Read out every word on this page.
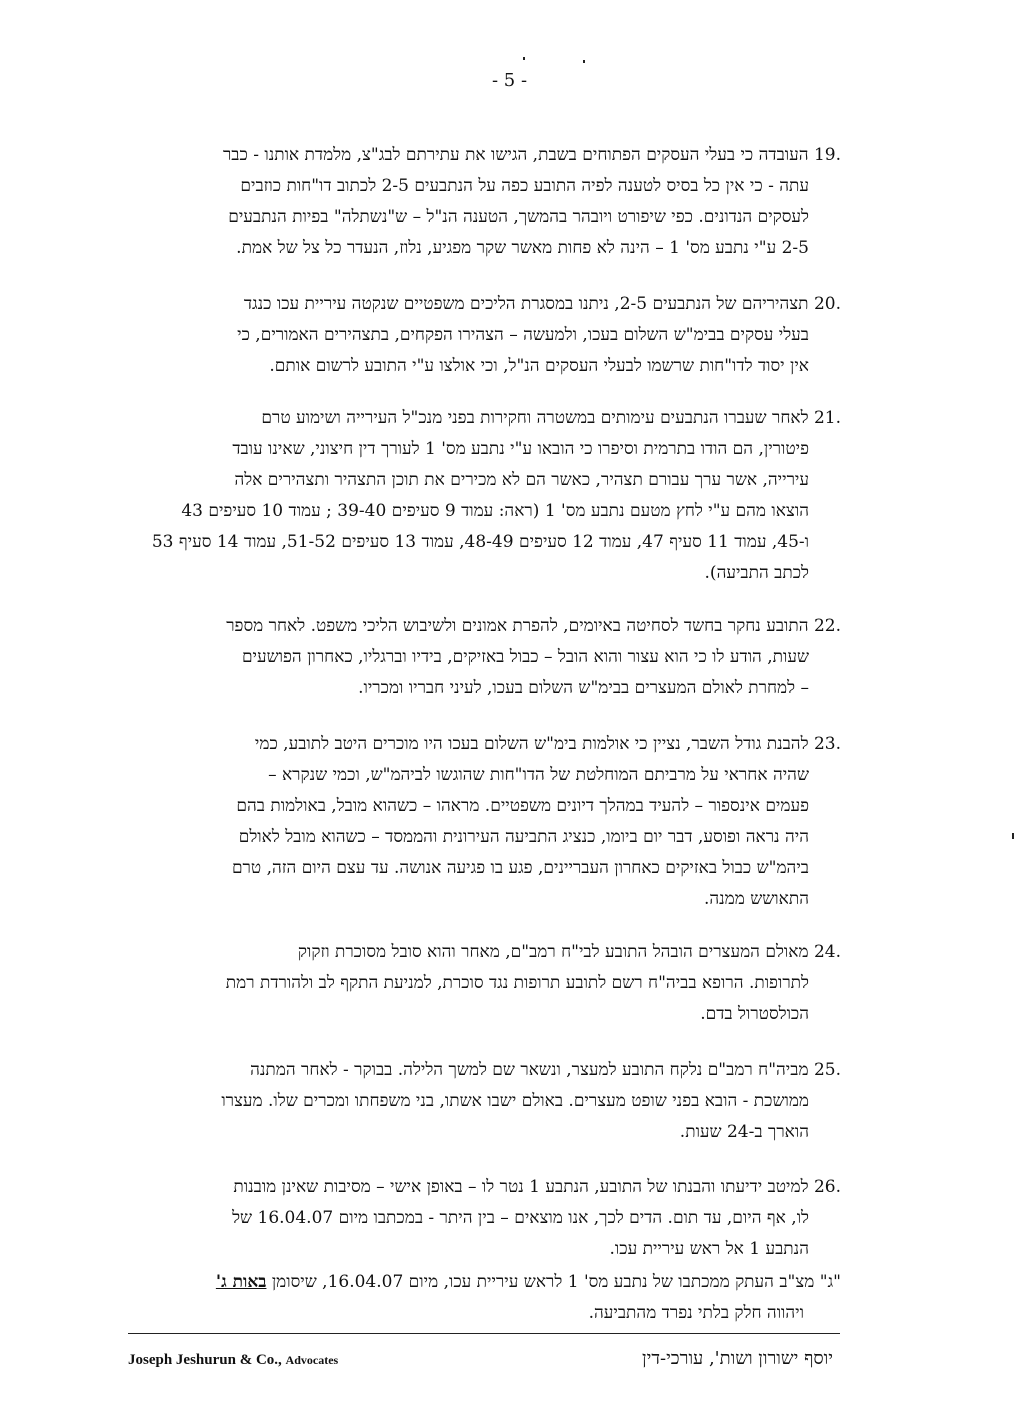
- 5 -
19. העובדה כי בעלי העסקים הפתוחים בשבת, הגישו את עתירתם לבג"צ, מלמדת אותנו - כבר
עתה - כי אין כל בסיס לטענה לפיה התובע כפה על הנתבעים 2-5 לכתוב דו"חות כוזבים
לעסקים הנדונים. כפי שיפורט ויובהר בהמשך, הטענה הנ"ל – ש"נשתלה" בפיות הנתבעים
2-5 ע"י נתבע מס' 1 – הינה לא פחות מאשר שקר מפגיע, נלוז, הנעדר כל צל של אמת.
20. תצהיריהם של הנתבעים 2-5, ניתנו במסגרת הליכים משפטיים שנקטה עיריית עכו כנגד
בעלי עסקים בבימ"ש השלום בעכו, ולמעשה – הצהירו הפקחים, בתצהירים האמורים, כי
אין יסוד לדו"חות שרשמו לבעלי העסקים הנ"ל, וכי אולצו ע"י התובע לרשום אותם.
21. לאחר שעברו הנתבעים עימותים במשטרה וחקירות בפני מנכ"ל העירייה ושימוע טרם
פיטורין, הם הודו בתרמית וסיפרו כי הובאו ע"י נתבע מס' 1 לעורך דין חיצוני, שאינו עובד
עירייה, אשר ערך עבורם תצהיר, כאשר הם לא מכירים את תוכן התצהיר ותצהירים אלה
הוצאו מהם ע"י לחץ מטעם נתבע מס' 1 (ראה: עמוד 9 סעיפים 39-40 ; עמוד 10 סעיפים 43
ו-45, עמוד 11 סעיף 47, עמוד 12 סעיפים 48-49, עמוד 13 סעיפים 51-52, עמוד 14 סעיף 53
לכתב התביעה).
22. התובע נחקר בחשד לסחיטה באיומים, להפרת אמונים ולשיבוש הליכי משפט. לאחר מספר
שעות, הודע לו כי הוא עצור והוא הובל – כבול באזיקים, בידיו וברגליו, כאחרון הפושעים
– למחרת לאולם המעצרים בבימ"ש השלום בעכו, לעיני חבריו ומכריו.
23. להבנת גודל השבר, נציין כי אולמות בימ"ש השלום בעכו היו מוכרים היטב לתובע, כמי
שהיה אחראי על מרביתם המוחלטת של הדו"חות שהוגשו לביהמ"ש, וכמי שנקרא –
פעמים אינספור – להעיד במהלך דיונים משפטיים. מראהו – כשהוא מובל, באולמות בהם
היה נראה ופוסע, דבר יום ביומו, כנציג התביעה העירונית והממסד – כשהוא מובל לאולם
ביהמ"ש כבול באזיקים כאחרון העבריינים, פגע בו פגיעה אנושה. עד עצם היום הזה, טרם
התאושש ממנה.
24. מאולם המעצרים הובהל התובע לבי"ח רמב"ם, מאחר והוא סובל מסוכרת וזקוק
לתרופות. הרופא בביה"ח רשם לתובע תרופות נגד סוכרת, למניעת התקף לב ולהורדת רמת
הכולסטרול בדם.
25. מביה"ח רמב"ם נלקח התובע למעצר, ונשאר שם למשך הלילה. בבוקר - לאחר המתנה
ממושכת - הובא בפני שופט מעצרים. באולם ישבו אשתו, בני משפחתו ומכרים שלו. מעצרו
הוארך ב-24 שעות.
26. למיטב ידיעתו והבנתו של התובע, הנתבע 1 נטר לו – באופן אישי – מסיבות שאינן מובנות
לו, אף היום, עד תום. הדים לכך, אנו מוצאים – בין היתר - במכתבו מיום 16.04.07 של
הנתבע 1 אל ראש עיריית עכו.
"ג" מצ"ב העתק ממכתבו של נתבע מס' 1 לראש עיריית עכו, מיום 16.04.07, שיסומן באות ג'
ויהווה חלק בלתי נפרד מהתביעה.
Joseph Jeshurun & Co., Advocates	יוסף ישורון ושות', עורכי-דין
